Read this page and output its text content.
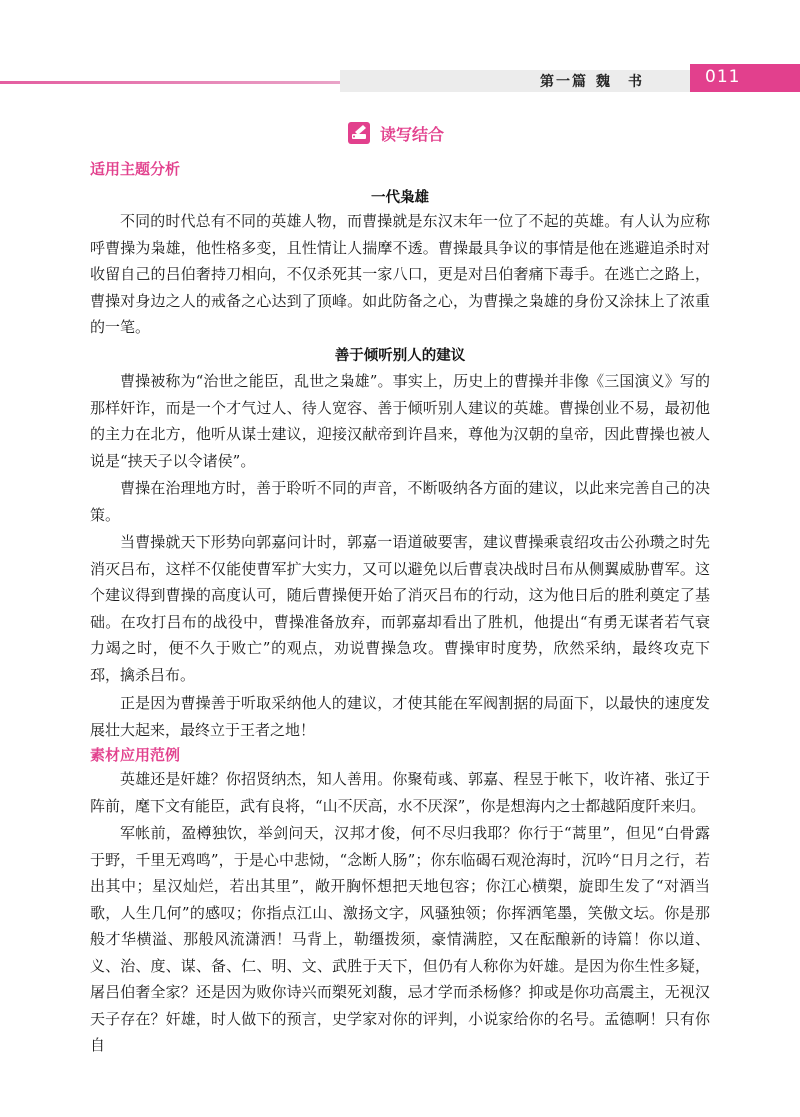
第一篇 魏　书	011
读写结合
适用主题分析
一代枭雄

不同的时代总有不同的英雄人物，而曹操就是东汉末年一位了不起的英雄。有人认为应称呼曹操为枭雄，他性格多变，且性情让人揣摩不透。曹操最具争议的事情是他在逃避追杀时对收留自己的吕伯奢持刀相向，不仅杀死其一家八口，更是对吕伯奢痛下毒手。在逃亡之路上，曹操对身边之人的戒备之心达到了顶峰。如此防备之心，为曹操之枭雄的身份又涂抹上了浓重的一笔。

善于倾听别人的建议

曹操被称为“治世之能臣，乱世之枭雄”。事实上，历史上的曹操并非像《三国演义》写的那样奸诈，而是一个才气过人、待人宽容、善于倾听别人建议的英雄。曹操创业不易，最初他的主力在北方，他听从谋士建议，迎接汉献帝到许昌来，尊他为汉朝的皇帝，因此曹操也被人说是“挟天子以令诸侯”。

曹操在治理地方时，善于聆听不同的声音，不断吸纳各方面的建议，以此来完善自己的决策。

当曹操就天下形势向郭嘉问计时，郭嘉一语道破要害，建议曹操乘袁绍攻击公孙瓒之时先消灭吕布，这样不仅能使曹军扩大实力，又可以避免以后曹袁决战时吕布从侧翼威胁曹军。这个建议得到曹操的高度认可，随后曹操便开始了消灭吕布的行动，这为他日后的胜利奠定了基础。在攻打吕布的战役中，曹操准备放弃，而郭嘉却看出了胜机，他提出“有勇无谋者若气衰力竭之时，便不久于败亡”的观点，劝说曹操急攻。曹操审时度势，欣然采纳，最终攻克下邳，擒杀吕布。

正是因为曹操善于听取采纳他人的建议，才使其能在军阀割据的局面下，以最快的速度发展壮大起来，最终立于王者之地！

素材应用范例

英雄还是奸雄？你招贤纳杰，知人善用。你聚荀彧、郭嘉、程昱于帐下，收许褚、张辽于阵前，麾下文有能臣，武有良将，“山不厌高，水不厌深”，你是想海内之士都越陌度阡来归。

军帐前，盈樽独饮，举剑问天，汉邦才俊，何不尽归我耶？你行于“蒿里”，但见“白骨露于野，千里无鸡鸣”，于是心中悲恸，“念断人肠”；你东临碣石观沧海时，沉吟“日月之行，若出其中；星汉灿烂，若出其里”，敞开胸怀想把天地包容；你江心横槊，旋即生发了“对酒当歌，人生几何”的感叹；你指点江山、激扬文字，风骚独领；你挥洒笔墨，笑傲文坛。你是那般才华横溢、那般风流潇洒！马背上，勒缰拨须，豪情满腔，又在酝酿新的诗篇！你以道、义、治、度、谋、备、仁、明、文、武胜于天下，但仍有人称你为奸雄。是因为你生性多疑，屠吕伯奢全家？还是因为败你诗兴而槊死刘馥，忌才学而杀杨修？抑或是你功高震主，无视汉天子存在？奸雄，时人做下的预言，史学家对你的评判，小说家给你的名号。孟德啊！只有你自
